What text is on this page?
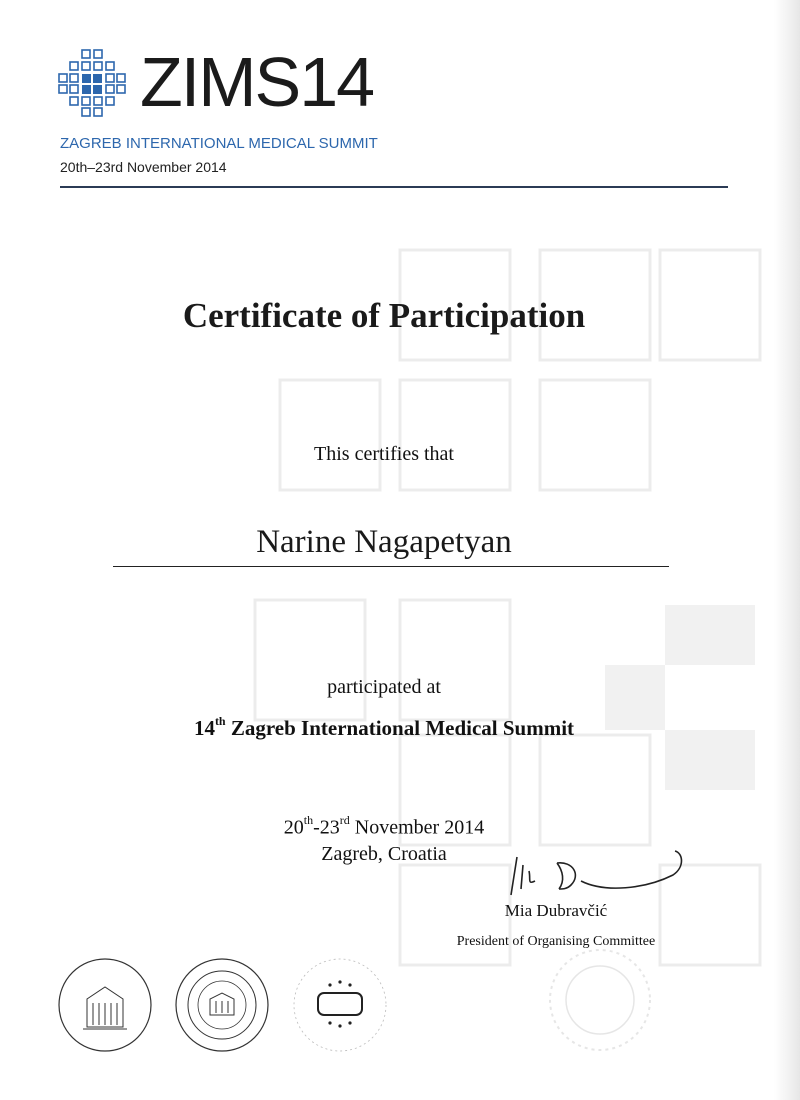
ZIMS14
ZAGREB INTERNATIONAL MEDICAL SUMMIT
20th–23rd November 2014
Certificate of Participation
This certifies that
Narine Nagapetyan
participated at
14th Zagreb International Medical Summit
20th-23rd November 2014
Zagreb, Croatia
Mia Dubravčić
President of Organising Committee
